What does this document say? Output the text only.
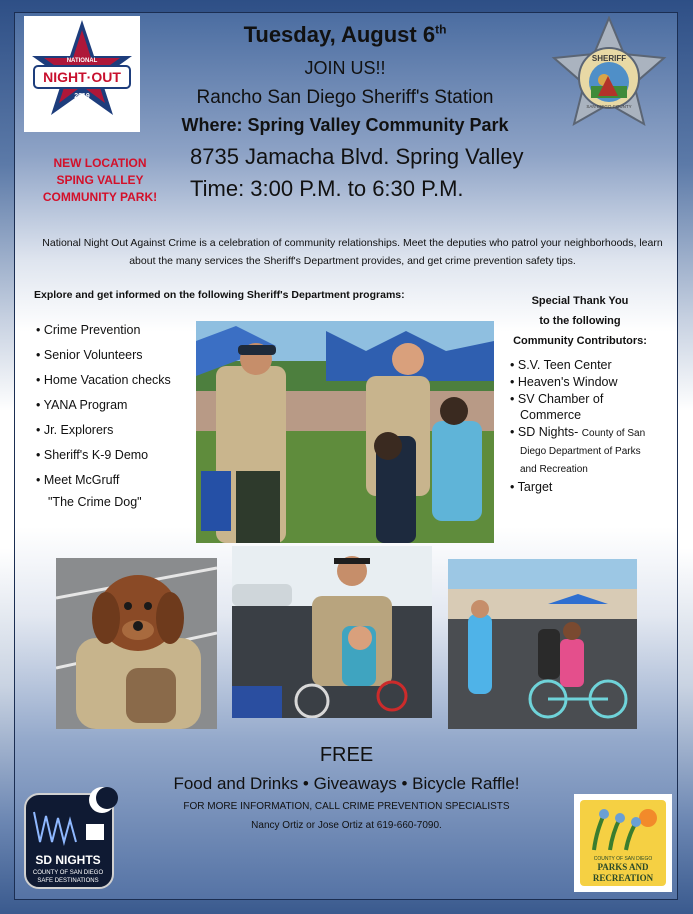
NIGHT·OUT
NATIONAL
2019
SHERIFF
SAN DIEGO COUNTY
Tuesday, August 6th
JOIN US!!
Rancho San Diego Sheriff's Station
Where: Spring Valley Community Park
8735 Jamacha Blvd. Spring Valley
Time: 3:00 P.M. to 6:30 P.M.
NEW LOCATION
SPING VALLEY
COMMUNITY PARK!
National Night Out Against Crime is a celebration of community relationships. Meet the deputies who patrol your neighborhoods, learn about the many services the Sheriff's Department provides, and get crime prevention safety tips.
Explore and get informed on the following Sheriff's Department programs:
• Crime Prevention
• Senior Volunteers
• Home Vacation checks
• YANA Program
• Jr. Explorers
• Sheriff's K-9 Demo
• Meet McGruff
"The Crime Dog"
Special Thank You
to the following
Community Contributors:
• S.V. Teen Center
• Heaven's Window
• SV Chamber of Commerce
• SD Nights- County of San Diego Department of Parks and Recreation
• Target
FREE
Food and Drinks • Giveaways • Bicycle Raffle!
FOR MORE INFORMATION, CALL CRIME PREVENTION SPECIALISTS
Nancy Ortiz or Jose Ortiz at 619-660-7090.
SD NIGHTS
COUNTY OF SAN DIEGO
SAFE DESTINATIONS
COUNTY OF SAN DIEGO
PARKS AND
RECREATION
